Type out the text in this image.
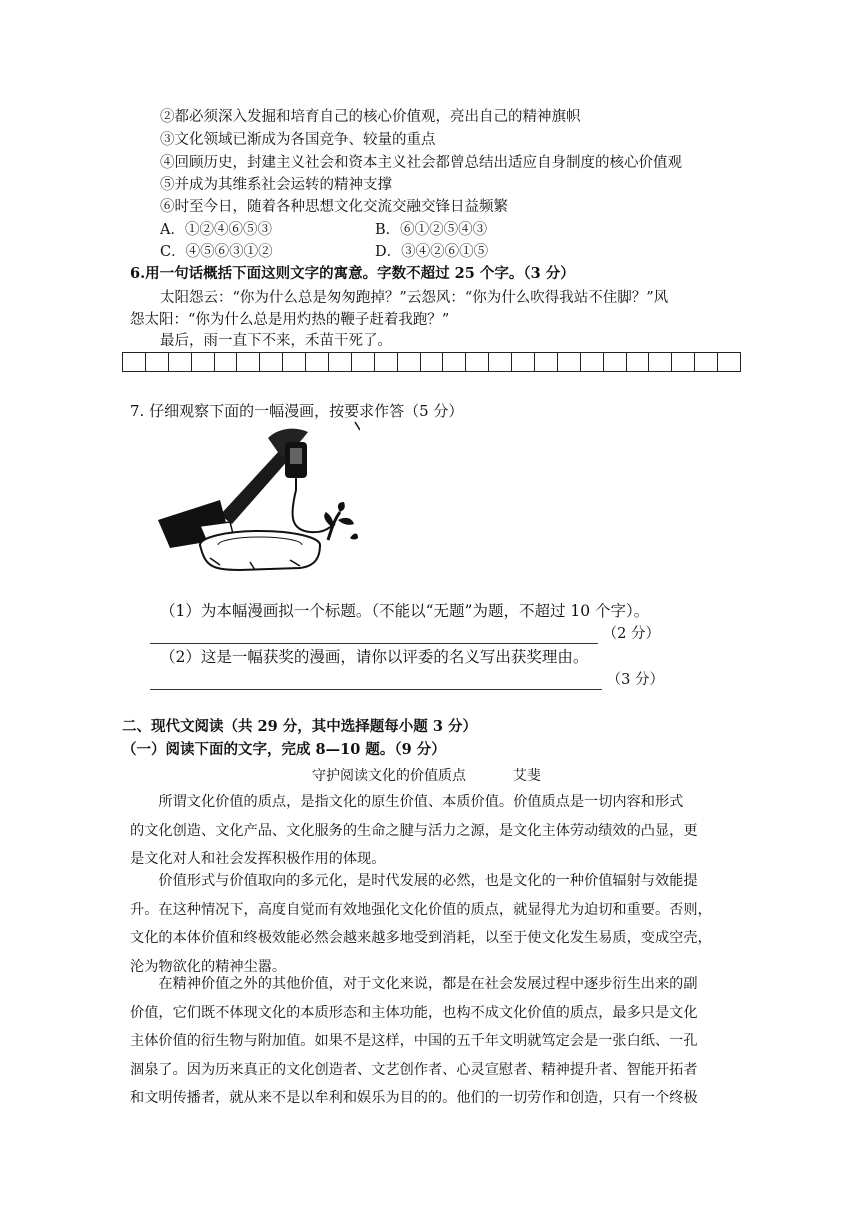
②都必须深入发掘和培育自己的核心价值观，亮出自己的精神旗帜
③文化领域已渐成为各国竞争、较量的重点
④回顾历史，封建主义社会和资本主义社会都曾总结出适应自身制度的核心价值观
⑤并成为其维系社会运转的精神支撑
⑥时至今日，随着各种思想文化交流交融交锋日益频繁
A．①②④⑥⑤③	B．⑥①②⑤④③
C．④⑤⑥③①②	D．③④②⑥①⑤
6.用一句话概括下面这则文字的寓意。字数不超过 25 个字。（3 分）
太阳怨云：“你为什么总是匆匆跑掉？”云怨风：“你为什么吹得我站不住脚？”风
怨太阳：“你为什么总是用灼热的鞭子赶着我跑？”
最后，雨一直下不来，禾苗干死了。
7. 仔细观察下面的一幅漫画，按要求作答（5 分）
（1）为本幅漫画拟一个标题。（不能以“无题”为题，不超过 10 个字）。
（2 分）
（2）这是一幅获奖的漫画，请你以评委的名义写出获奖理由。
（3 分）
二、现代文阅读（共 29 分，其中选择题每小题 3 分）
（一）阅读下面的文字，完成 8—10 题。（9 分）
守护阅读文化的价值质点	艾斐
所谓文化价值的质点，是指文化的原生价值、本质价值。价值质点是一切内容和形式
的文化创造、文化产品、文化服务的生命之腱与活力之源，是文化主体劳动绩效的凸显，更
是文化对人和社会发挥积极作用的体现。
价值形式与价值取向的多元化，是时代发展的必然，也是文化的一种价值辐射与效能提
升。在这种情况下，高度自觉而有效地强化文化价值的质点，就显得尤为迫切和重要。否则，
文化的本体价值和终极效能必然会越来越多地受到消耗，以至于使文化发生易质，变成空壳，
沦为物欲化的精神尘嚣。
在精神价值之外的其他价值，对于文化来说，都是在社会发展过程中逐步衍生出来的副
价值，它们既不体现文化的本质形态和主体功能，也构不成文化价值的质点，最多只是文化
主体价值的衍生物与附加值。如果不是这样，中国的五千年文明就笃定会是一张白纸、一孔
涸泉了。因为历来真正的文化创造者、文艺创作者、心灵宣慰者、精神提升者、智能开拓者
和文明传播者，就从来不是以牟利和娱乐为目的的。他们的一切劳作和创造，只有一个终极
